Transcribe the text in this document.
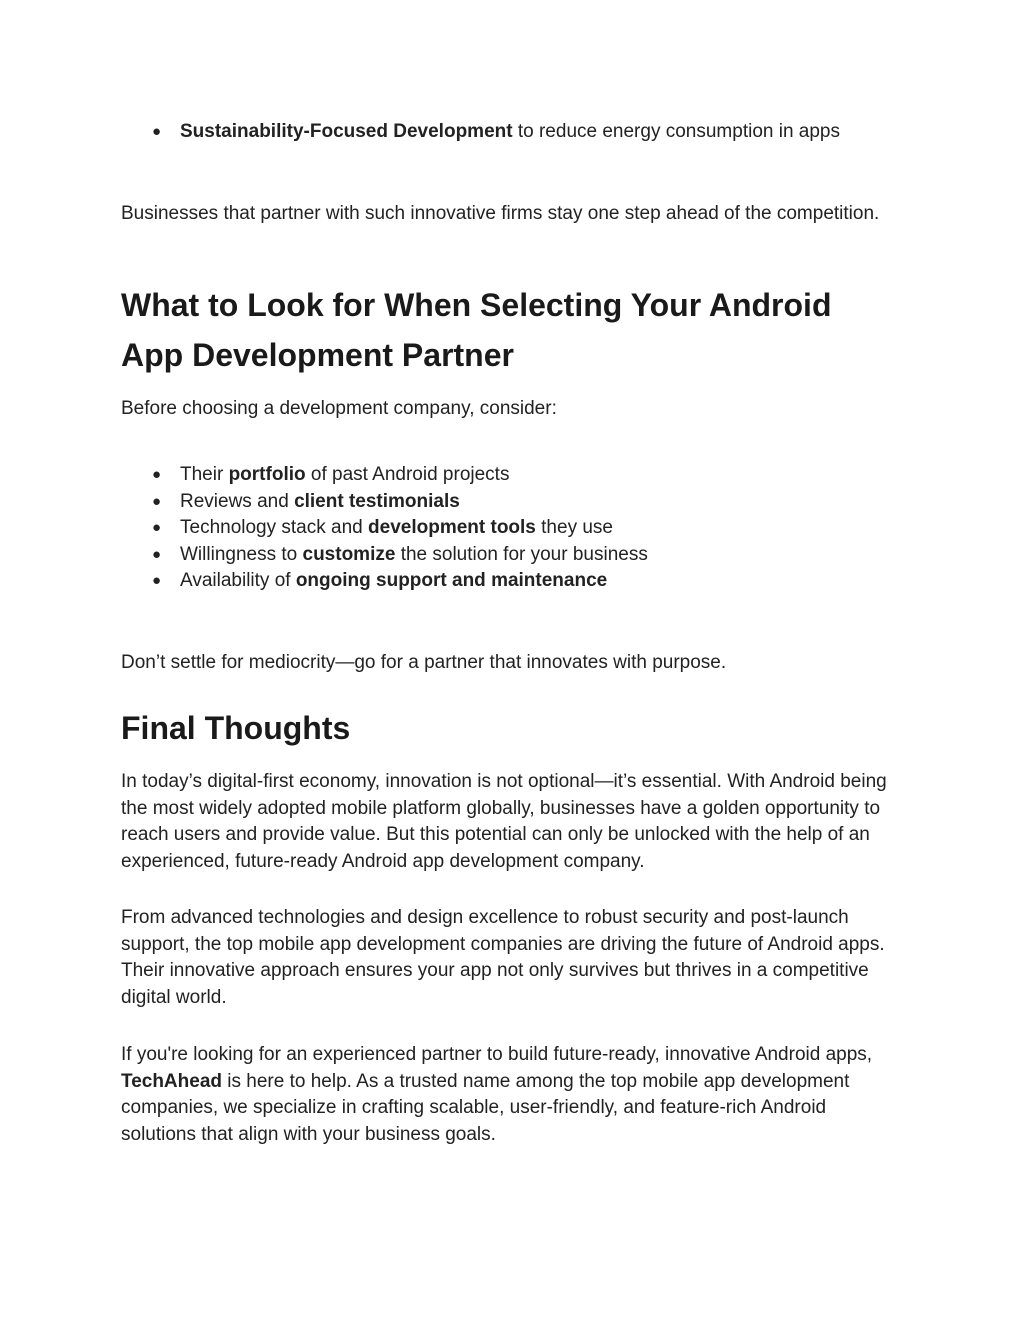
● Sustainability-Focused Development to reduce energy consumption in apps

Businesses that partner with such innovative firms stay one step ahead of the competition.

What to Look for When Selecting Your Android App Development Partner

Before choosing a development company, consider:

● Their portfolio of past Android projects
● Reviews and client testimonials
● Technology stack and development tools they use
● Willingness to customize the solution for your business
● Availability of ongoing support and maintenance

Don’t settle for mediocrity—go for a partner that innovates with purpose.

Final Thoughts

In today’s digital-first economy, innovation is not optional—it’s essential. With Android being the most widely adopted mobile platform globally, businesses have a golden opportunity to reach users and provide value. But this potential can only be unlocked with the help of an experienced, future-ready Android app development company.

From advanced technologies and design excellence to robust security and post-launch support, the top mobile app development companies are driving the future of Android apps. Their innovative approach ensures your app not only survives but thrives in a competitive digital world.

If you're looking for an experienced partner to build future-ready, innovative Android apps, TechAhead is here to help. As a trusted name among the top mobile app development companies, we specialize in crafting scalable, user-friendly, and feature-rich Android solutions that align with your business goals.
